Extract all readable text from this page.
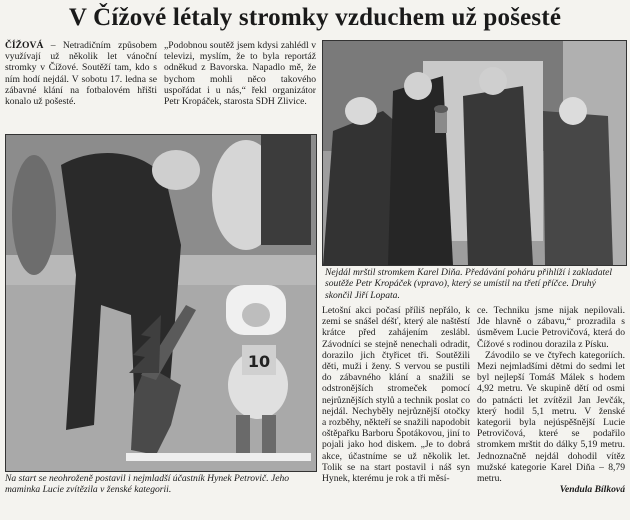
V Čížové létaly stromky vzduchem už pošesté

ČÍŽOVÁ – Netradičním způsobem využívají už několik let vánoční stromky v Čížové. Soutěží tam, kdo s ním hodí nejdál. V sobotu 17. ledna se zábavné klání na fotbalovém hřišti konalo už pošesté.

„Podobnou soutěž jsem kdysi zahlédl v televizi, myslím, že to byla reportáž odněkud z Bavorska. Napadlo mě, že bychom mohli něco takového uspořádat i u nás,“ řekl organizátor Petr Kropáček, starosta SDH Zlivice.

10
Na start se neohroženě postavil i nejmladší účastník Hynek Petrovič. Jeho maminka Lucie zvítězila v ženské kategorii.
Nejdál mrštil stromkem Karel Diňa. Předávání poháru přihlíží i zakladatel soutěže Petr Kropáček (vpravo), který se umístil na třetí příčce. Druhý skončil Jiří Lopata.

Letošní akci počasí příliš nepřálo, k zemi se snášel déšť, který ale naštěstí krátce před zahájením zeslábl. Závodníci se stejně nenechali odradit, dorazilo jich čtyřicet tři. Soutěžili děti, muži i ženy. S vervou se pustili do zábavného klání a snažili se odstronějších stromeček pomocí nejrůznějších stylů a technik poslat co nejdál. Nechyběly nejrůznější otočky a rozběhy, někteří se snažili napodobit oštěpařku Barboru Špotákovou, jiní to pojali jako hod diskem. „Je to dobrá akce, účastníme se už několik let. Tolik se na start postavil i náš syn Hynek, kterému je rok a tři měsí-

ce. Techniku jsme nijak nepilovali. Jde hlavně o zábavu,“ prozradila s úsměvem Lucie Petrovičová, která do Čížové s rodinou dorazila z Písku.

Závodilo se ve čtyřech kategoriích. Mezi nejmladšími dětmi do sedmi let byl nejlepší Tomáš Málek s hodem 4,92 metru. Ve skupině dětí od osmi do patnácti let zvítězil Jan Jevčák, který hodil 5,1 metru. V ženské kategorii byla nejúspěšnější Lucie Petrovičová, které se podařilo stromkem mrštit do dálky 5,19 metru. Jednoznačně nejdál dohodil vítěz mužské kategorie Karel Diňa – 8,79 metru.

Vendula Bílková
